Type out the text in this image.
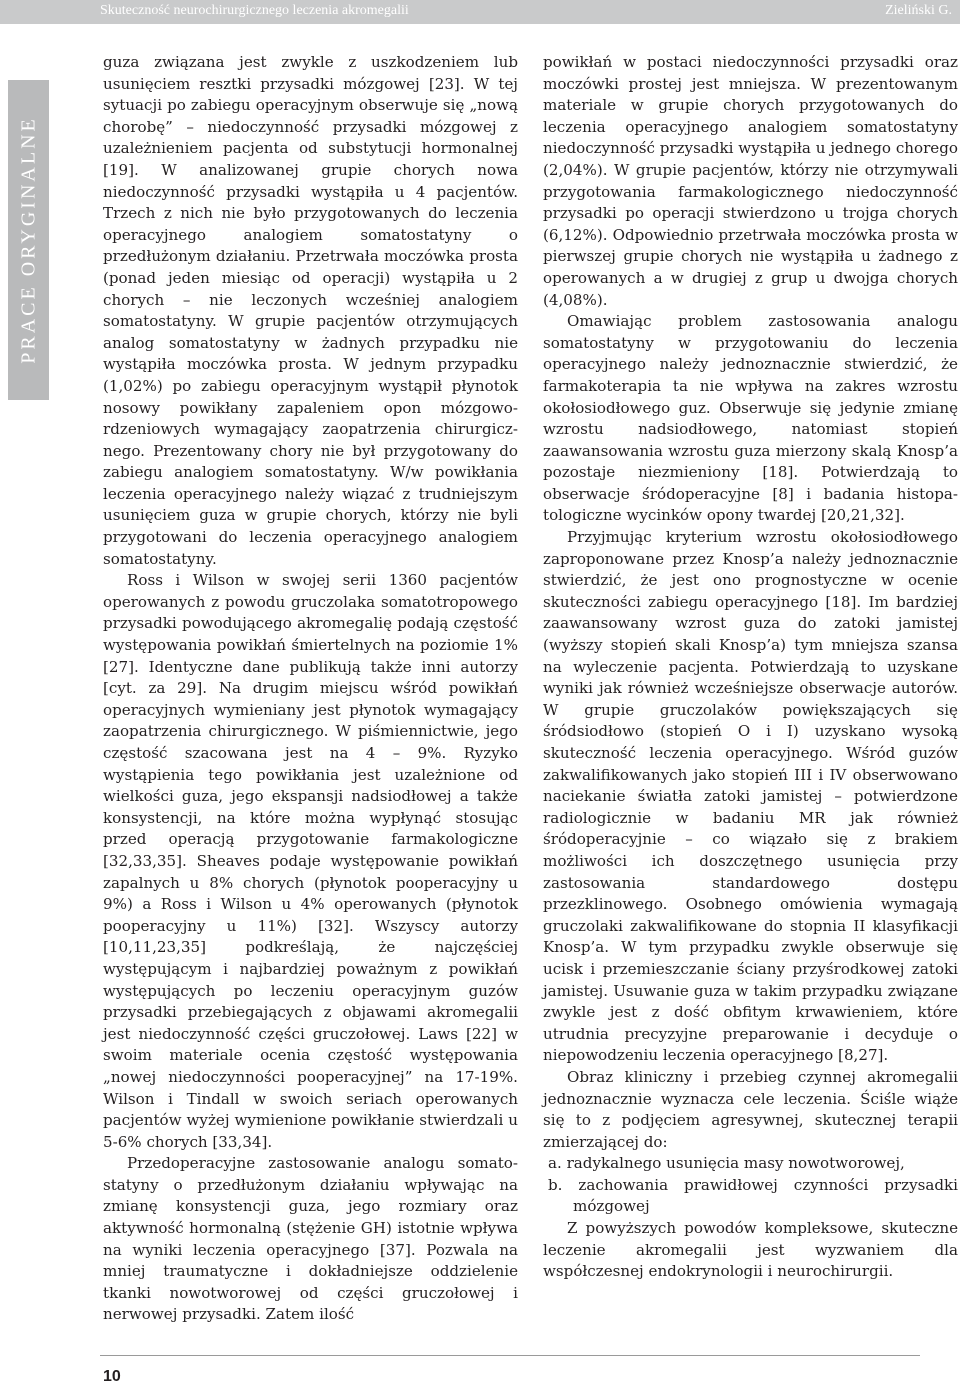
Skuteczność neurochirurgicznego leczenia akromegalii	Zieliński G.
PRACE ORYGINALNE

guza związana jest zwykle z uszkodzeniem lub usunięciem resztki przysadki mózgowej [23]. W tej sytuacji po zabiegu operacyjnym obserwuje się „nową chorobę” – niedoczynność przysadki mózgowej z uzależnieniem pacjenta od substytucji hormonalnej [19]. W analizowanej grupie chorych nowa niedoczynność przysadki wystąpiła u 4 pacjentów. Trzech z nich nie było przygotowanych do leczenia operacyjnego analogiem somatostatyny o przedłużonym działaniu. Przetrwała moczówka prosta (ponad jeden miesiąc od operacji) wystąpiła u 2 chorych – nie leczonych wcześniej analogiem somatostatyny. W grupie pacjentów otrzymujących analog somatostatyny w żadnych przypadku nie wystąpiła moczówka prosta. W jednym przypadku (1,02%) po zabiegu operacyjnym wystąpił płynotok nosowy powikłany zapaleniem opon mózgowordzeniowych wymagający zaopatrzenia chirurgicznego. Prezentowany chory nie był przygotowany do zabiegu analogiem somatostatyny. W/w powikłania leczenia operacyjnego należy wiązać z trudniejszym usunięciem guza w grupie chorych, którzy nie byli przygotowani do leczenia operacyjnego analogiem somatostatyny.

Ross i Wilson w swojej serii 1360 pacjentów operowanych z powodu gruczolaka somatotropowego przysadki powodującego akromegalię podają częstość występowania powikłań śmiertelnych na poziomie 1% [27]. Identyczne dane publikują także inni autorzy [cyt. za 29]. Na drugim miejscu wśród powikłań operacyjnych wymieniany jest płynotok wymagający zaopatrzenia chirurgicznego. W piśmiennictwie, jego częstość szacowana jest na 4 – 9%. Ryzyko wystąpienia tego powikłania jest uzależnione od wielkości guza, jego ekspansji nadsiodłowej a także konsystencji, na które można wypłynąć stosując przed operacją przygotowanie farmakologiczne [32,33,35]. Sheaves podaje występowanie powikłań zapalnych u 8% chorych (płynotok pooperacyjny u 9%) a Ross i Wilson u 4% operowanych (płynotok pooperacyjny u 11%) [32]. Wszyscy autorzy [10,11,23,35] podkreślają, że najczęściej występującym i najbardziej poważnym z powikłań występujących po leczeniu operacyjnym guzów przysadki przebiegających z objawami akromegalii jest niedoczynność części gruczołowej. Laws [22] w swoim materiale ocenia częstość występowania „nowej niedoczynności pooperacyjnej” na 17-19%. Wilson i Tindall w swoich seriach operowanych pacjentów wyżej wymienione powikłanie stwierdzali u 5-6% chorych [33,34].

Przedoperacyjne zastosowanie analogu somatostatyny o przedłużonym działaniu wpływając na zmianę konsystencji guza, jego rozmiary oraz aktywność hormonalną (stężenie GH) istotnie wpływa na wyniki leczenia operacyjnego [37]. Pozwala na mniej traumatyczne i dokładniejsze oddzielenie tkanki nowotworowej od części gruczołowej i nerwowej przysadki. Zatem ilość

powikłań w postaci niedoczynności przysadki oraz moczówki prostej jest mniejsza. W prezentowanym materiale w grupie chorych przygotowanych do leczenia operacyjnego analogiem somatostatyny niedoczynność przysadki wystąpiła u jednego chorego (2,04%). W grupie pacjentów, którzy nie otrzymywali przygotowania farmakologicznego niedoczynność przysadki po operacji stwierdzono u trojga chorych (6,12%). Odpowiednio przetrwała moczówka prosta w pierwszej grupie chorych nie wystąpiła u żadnego z operowanych a w drugiej z grup u dwojga chorych (4,08%).

Omawiając problem zastosowania analogu somatostatyny w przygotowaniu do leczenia operacyjnego należy jednoznacznie stwierdzić, że farmakoterapia ta nie wpływa na zakres wzrostu okołosiodłowego guz. Obserwuje się jedynie zmianę wzrostu nadsiodłowego, natomiast stopień zaawansowania wzrostu guza mierzony skalą Knosp’a pozostaje niezmieniony [18]. Potwierdzają to obserwacje śródoperacyjne [8] i badania histopatologiczne wycinków opony twardej [20,21,32].

Przyjmując kryterium wzrostu okołosiodłowego zaproponowane przez Knosp’a należy jednoznacznie stwierdzić, że jest ono prognostyczne w ocenie skuteczności zabiegu operacyjnego [18]. Im bardziej zaawansowany wzrost guza do zatoki jamistej (wyższy stopień skali Knosp’a) tym mniejsza szansa na wyleczenie pacjenta. Potwierdzają to uzyskane wyniki jak również wcześniejsze obserwacje autorów. W grupie gruczolaków powiększających się śródsiodłowo (stopień O i I) uzyskano wysoką skuteczność leczenia operacyjnego. Wśród guzów zakwalifikowanych jako stopień III i IV obserwowano naciekanie światła zatoki jamistej – potwierdzone radiologicznie w badaniu MR jak również śródoperacyjnie – co wiązało się z brakiem możliwości ich doszczętnego usunięcia przy zastosowania standardowego dostępu przezklinowego. Osobnego omówienia wymagają gruczolaki zakwalifikowane do stopnia II klasyfikacji Knosp’a. W tym przypadku zwykle obserwuje się ucisk i przemieszczanie ściany przyśrodkowej zatoki jamistej. Usuwanie guza w takim przypadku związane zwykle jest z dość obfitym krwawieniem, które utrudnia precyzyjne preparowanie i decyduje o niepowodzeniu leczenia operacyjnego [8,27].

Obraz kliniczny i przebieg czynnej akromegalii jednoznacznie wyznacza cele leczenia. Ściśle wiąże się to z podjęciem agresywnej, skutecznej terapii zmierzającej do:

a. radykalnego usunięcia masy nowotworowej,
b. zachowania prawidłowej czynności przysadki mózgowej

Z powyższych powodów kompleksowe, skuteczne leczenie akromegalii jest wyzwaniem dla współczesnej endokrynologii i neurochirurgii.

10
